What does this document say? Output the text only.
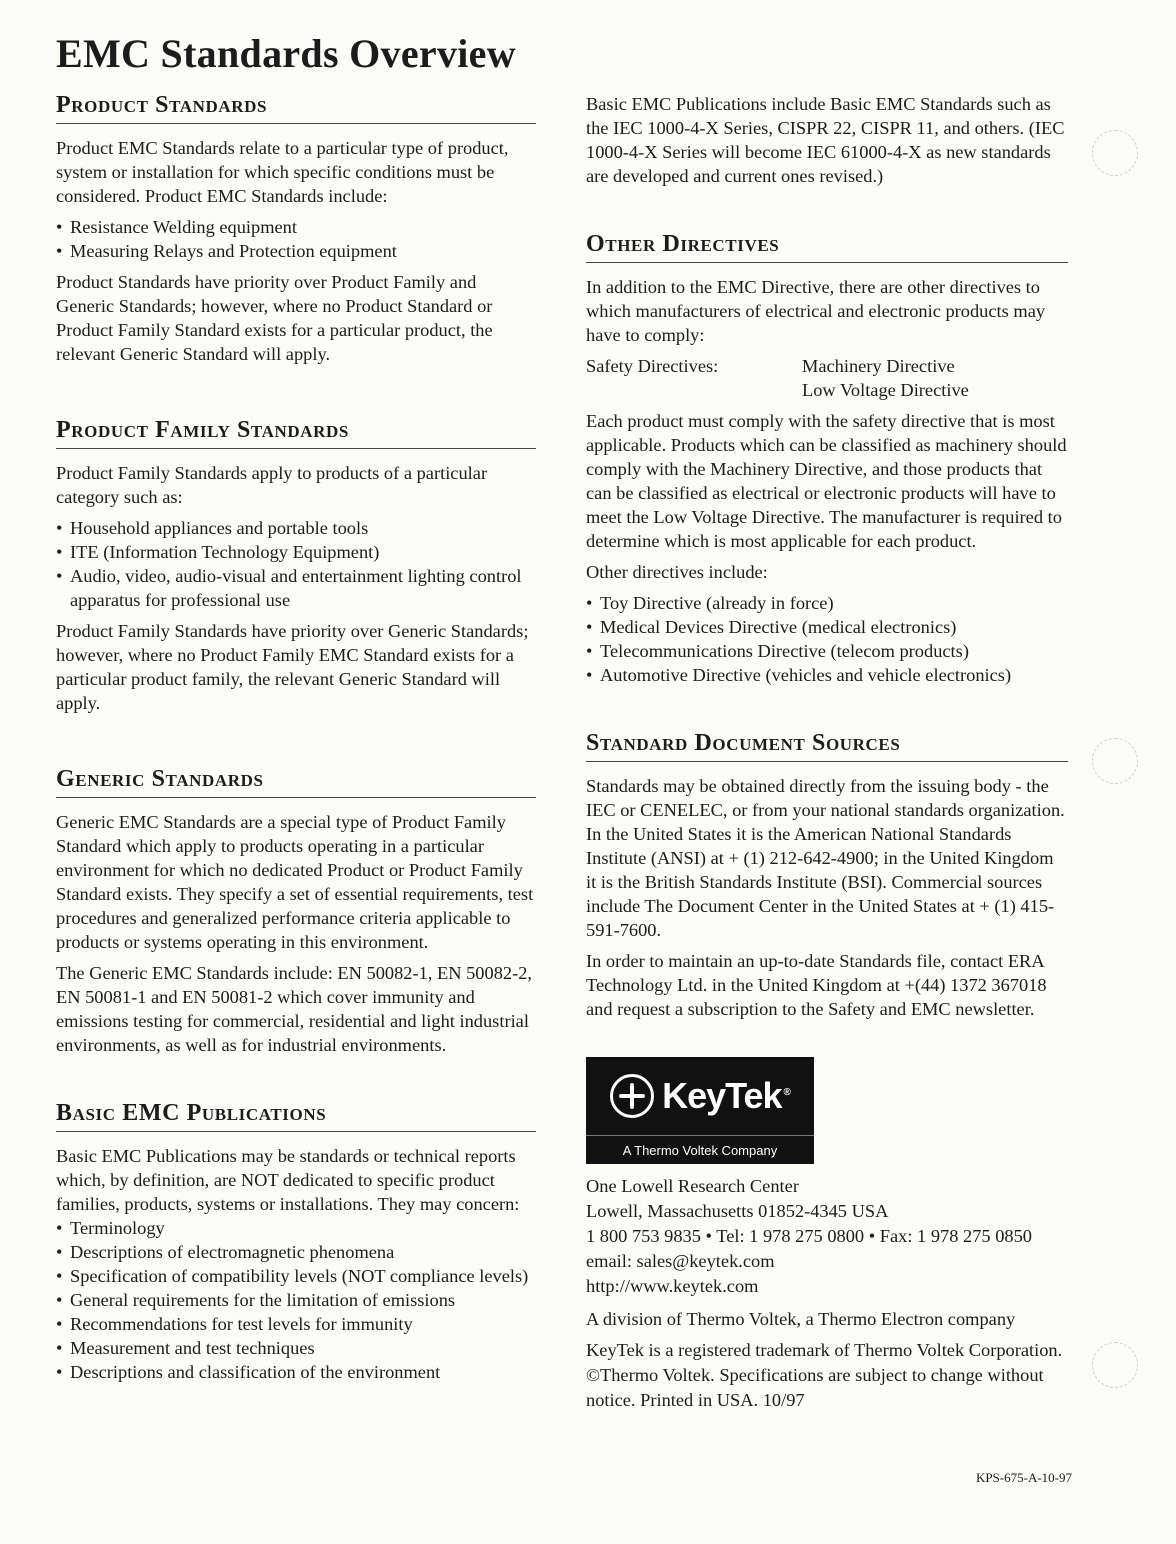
EMC Standards Overview
Product Standards

Product EMC Standards relate to a particular type of product, system or installation for which specific conditions must be considered. Product EMC Standards include:

• Resistance Welding equipment
• Measuring Relays and Protection equipment

Product Standards have priority over Product Family and Generic Standards; however, where no Product Standard or Product Family Standard exists for a particular product, the relevant Generic Standard will apply.

Product Family Standards

Product Family Standards apply to products of a particular category such as:

• Household appliances and portable tools
• ITE (Information Technology Equipment)
• Audio, video, audio-visual and entertainment lighting control apparatus for professional use

Product Family Standards have priority over Generic Standards; however, where no Product Family EMC Standard exists for a particular product family, the relevant Generic Standard will apply.

Generic Standards

Generic EMC Standards are a special type of Product Family Standard which apply to products operating in a particular environment for which no dedicated Product or Product Family Standard exists. They specify a set of essential requirements, test procedures and generalized performance criteria applicable to products or systems operating in this environment.

The Generic EMC Standards include: EN 50082-1, EN 50082-2, EN 50081-1 and EN 50081-2 which cover immunity and emissions testing for commercial, residential and light industrial environments, as well as for industrial environments.

Basic EMC Publications

Basic EMC Publications may be standards or technical reports which, by definition, are NOT dedicated to specific product families, products, systems or installations. They may concern:

• Terminology
• Descriptions of electromagnetic phenomena
• Specification of compatibility levels (NOT compliance levels)
• General requirements for the limitation of emissions
• Recommendations for test levels for immunity
• Measurement and test techniques
• Descriptions and classification of the environment

Basic EMC Publications include Basic EMC Standards such as the IEC 1000-4-X Series, CISPR 22, CISPR 11, and others. (IEC 1000-4-X Series will become IEC 61000-4-X as new standards are developed and current ones revised.)

Other Directives

In addition to the EMC Directive, there are other directives to which manufacturers of electrical and electronic products may have to comply:

Safety Directives:	Machinery Directive
Low Voltage Directive

Each product must comply with the safety directive that is most applicable. Products which can be classified as machinery should comply with the Machinery Directive, and those products that can be classified as electrical or electronic products will have to meet the Low Voltage Directive. The manufacturer is required to determine which is most applicable for each product.

Other directives include:

• Toy Directive (already in force)
• Medical Devices Directive (medical electronics)
• Telecommunications Directive (telecom products)
• Automotive Directive (vehicles and vehicle electronics)
Standard Document Sources

Standards may be obtained directly from the issuing body - the IEC or CENELEC, or from your national standards organization. In the United States it is the American National Standards Institute (ANSI) at + (1) 212-642-4900; in the United Kingdom it is the British Standards Institute (BSI). Commercial sources include The Document Center in the United States at + (1) 415-591-7600.

In order to maintain an up-to-date Standards file, contact ERA Technology Ltd. in the United Kingdom at +(44) 1372 367018 and request a subscription to the Safety and EMC newsletter.

KeyTek ®
A Thermo Voltek Company

One Lowell Research Center

Lowell, Massachusetts 01852-4345 USA

1 800 753 9835 • Tel: 1 978 275 0800 • Fax: 1 978 275 0850

email: sales@keytek.com

http://www.keytek.com

A division of Thermo Voltek, a Thermo Electron company

KeyTek is a registered trademark of Thermo Voltek Corporation. ©Thermo Voltek. Specifications are subject to change without notice. Printed in USA. 10/97

KPS-675-A-10-97
